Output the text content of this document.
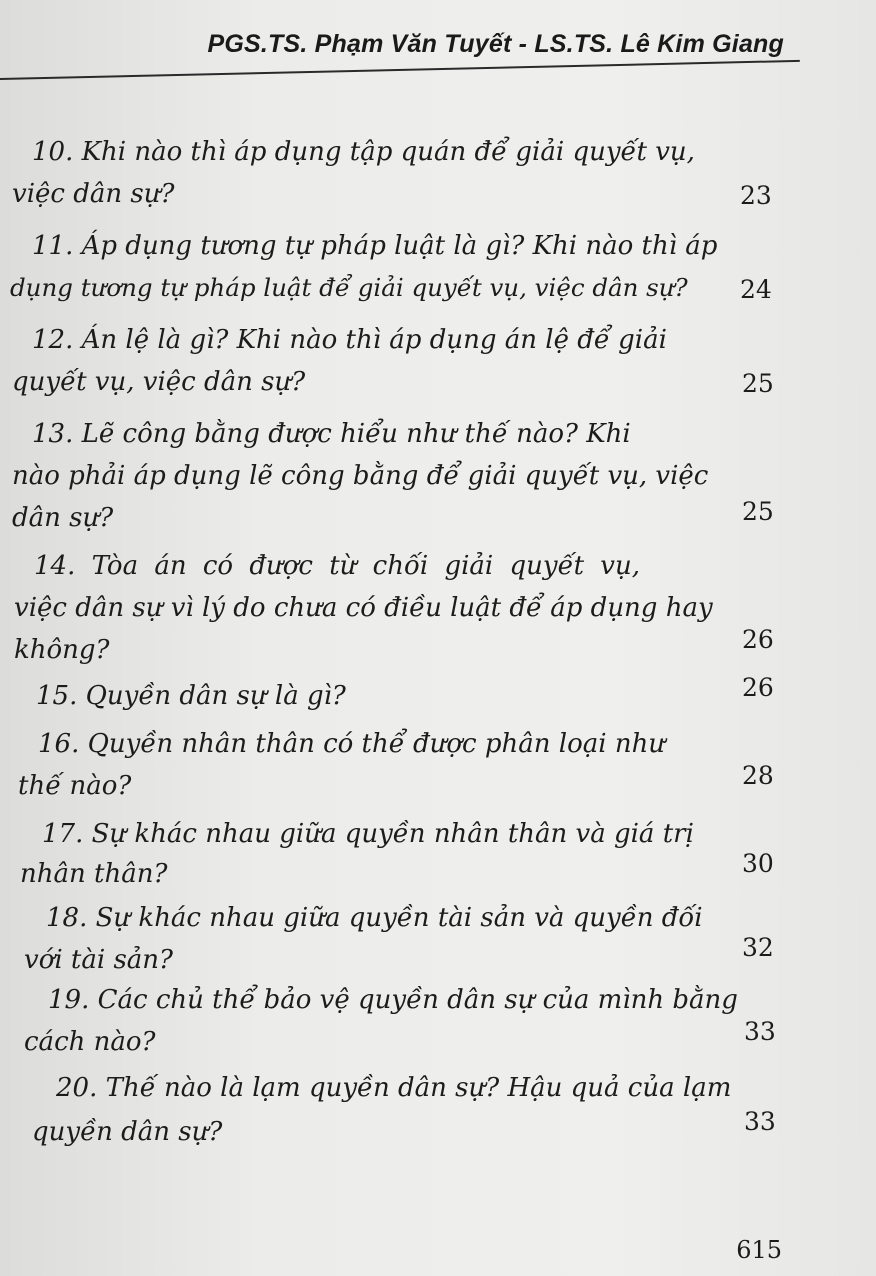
PGS.TS. Phạm Văn Tuyết - LS.TS. Lê Kim Giang
10. Khi nào thì áp dụng tập quán để giải quyết vụ,
việc dân sự?	23
11. Áp dụng tương tự pháp luật là gì? Khi nào thì áp
dụng tương tự pháp luật để giải quyết vụ, việc dân sự? 24
12. Án lệ là gì? Khi nào thì áp dụng án lệ để giải
quyết vụ, việc dân sự?	25
13. Lẽ công bằng được hiểu như thế nào? Khi
nào phải áp dụng lẽ công bằng để giải quyết vụ, việc
dân sự?	25
14. Tòa án có được từ chối giải quyết vụ,
việc dân sự vì lý do chưa có điều luật để áp dụng hay
không?	26
15. Quyền dân sự là gì?	26
16. Quyền nhân thân có thể được phân loại như
thế nào?	28
17. Sự khác nhau giữa quyền nhân thân và giá trị
nhân thân?	30
18. Sự khác nhau giữa quyền tài sản và quyền đối
với tài sản?	32
19. Các chủ thể bảo vệ quyền dân sự của mình bằng
cách nào?	33
20. Thế nào là lạm quyền dân sự? Hậu quả của lạm
quyền dân sự?	33
615
